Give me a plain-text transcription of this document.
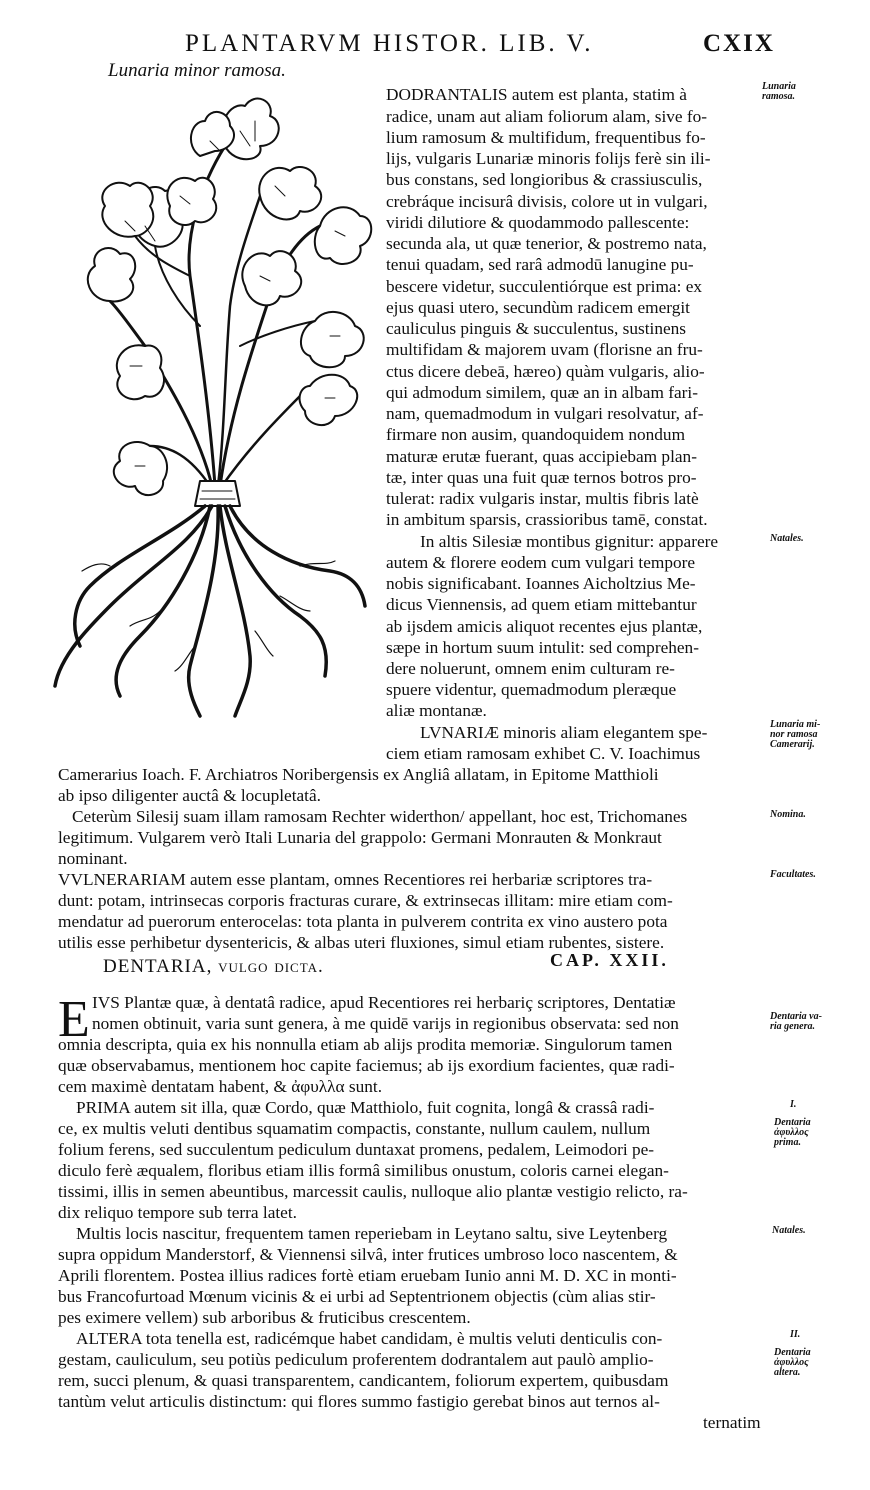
PLANTARVM HISTOR. LIB. V.	CXIX
Lunaria minor ramosa.
DODRANTALIS autem est planta, statim à
radice, unam aut aliam foliorum alam, sive fo-
lium ramosum & multifidum, frequentibus fo-
lijs, vulgaris Lunariæ minoris folijs ferè sin ili-
bus constans, sed longioribus & crassiusculis,
crebráque incisurâ divisis, colore ut in vulgari,
viridi dilutiore & quodammodo pallescente:
secunda ala, ut quæ tenerior, & postremo nata,
tenui quadam, sed rarâ admodū lanugine pu-
bescere videtur, succulentiórque est prima: ex
ejus quasi utero, secundùm radicem emergit
cauliculus pinguis & succulentus, sustinens
multifidam & majorem uvam (florisne an fru-
ctus dicere debeā, hæreo) quàm vulgaris, alio-
qui admodum similem, quæ an in albam fari-
nam, quemadmodum in vulgari resolvatur, af-
firmare non ausim, quandoquidem nondum
maturæ erutæ fuerant, quas accipiebam plan-
tæ, inter quas una fuit quæ ternos botros pro-
tulerat: radix vulgaris instar, multis fibris latè
in ambitum sparsis, crassioribus tamē, constat.
In altis Silesiæ montibus gignitur: apparere
autem & florere eodem cum vulgari tempore
nobis significabant. Ioannes Aicholtzius Me-
dicus Viennensis, ad quem etiam mittebantur
ab ijsdem amicis aliquot recentes ejus plantæ,
sæpe in hortum suum intulit: sed comprehen-
dere noluerunt, omnem enim culturam re-
spuere videntur, quemadmodum pleræque
aliæ montanæ.
LVNARIÆ minoris aliam elegantem spe-
ciem etiam ramosam exhibet C. V. Ioachimus
Camerarius Ioach. F. Archiatros Noribergensis ex Angliâ allatam, in Epitome Matthioli
ab ipso diligenter auctâ & locupletatâ.
Ceterùm Silesij suam illam ramosam Rechter widerthon/ appellant, hoc est, Trichomanes
legitimum. Vulgarem verò Itali Lunaria del grappolo: Germani Monrauten & Monkraut
nominant.
VVLNERARIAM autem esse plantam, omnes Recentiores rei herbariæ scriptores tra-
dunt: potam, intrinsecas corporis fracturas curare, & extrinsecas illitam: mire etiam com-
mendatur ad puerorum enterocelas: tota planta in pulverem contrita ex vino austero pota
utilis esse perhibetur dysentericis, & albas uteri fluxiones, simul etiam rubentes, sistere.
DENTARIA, vulgo dicta.	CAP. XXII.
E IVS Plantæ quæ, à dentatâ radice, apud Recentiores rei herbariç scriptores, Dentatiæ
nomen obtinuit, varia sunt genera, à me quidē varijs in regionibus observata: sed non
omnia descripta, quia ex his nonnulla etiam ab alijs prodita memoriæ. Singulorum tamen
quæ observabamus, mentionem hoc capite faciemus; ab ijs exordium facientes, quæ radi-
cem maximè dentatam habent, & ἀφυλλα sunt.
PRIMA autem sit illa, quæ Cordo, quæ Matthiolo, fuit cognita, longâ & crassâ radi-
ce, ex multis veluti dentibus squamatim compactis, constante, nullum caulem, nullum
folium ferens, sed succulentum pediculum duntaxat promens, pedalem, Leimodori pe-
diculo ferè æqualem, floribus etiam illis formâ similibus onustum, coloris carnei elegan-
tissimi, illis in semen abeuntibus, marcessit caulis, nulloque alio plantæ vestigio relicto, ra-
dix reliquo tempore sub terra latet.
Multis locis nascitur, frequentem tamen reperiebam in Leytano saltu, sive Leytenberg
supra oppidum Manderstorf, & Viennensi silvâ, inter frutices umbroso loco nascentem, &
Aprili florentem. Postea illius radices fortè etiam eruebam Iunio anni M. D. XC in monti-
bus Francofurtoad Mœnum vicinis & ei urbi ad Septentrionem objectis (cùm alias stir-
pes eximere vellem) sub arboribus & fruticibus crescentem.
ALTERA tota tenella est, radicémque habet candidam, è multis veluti denticulis con-
gestam, cauliculum, seu potiùs pediculum proferentem dodrantalem aut paulò amplio-
rem, succi plenum, & quasi transparentem, candicantem, foliorum expertem, quibusdam
tantùm velut articulis distinctum: qui flores summo fastigio gerebat binos aut ternos al-
ternatim
Lunaria
ramosa.
Natales.
Lunaria mi-
nor ramosa
Camerarij.
Nomina.
Facultates.
Dentaria va-
ria genera.
I.
Dentaria
ἀφυλλος
prima.
Natales.
II.
Dentaria
ἀφυλλος
altera.
